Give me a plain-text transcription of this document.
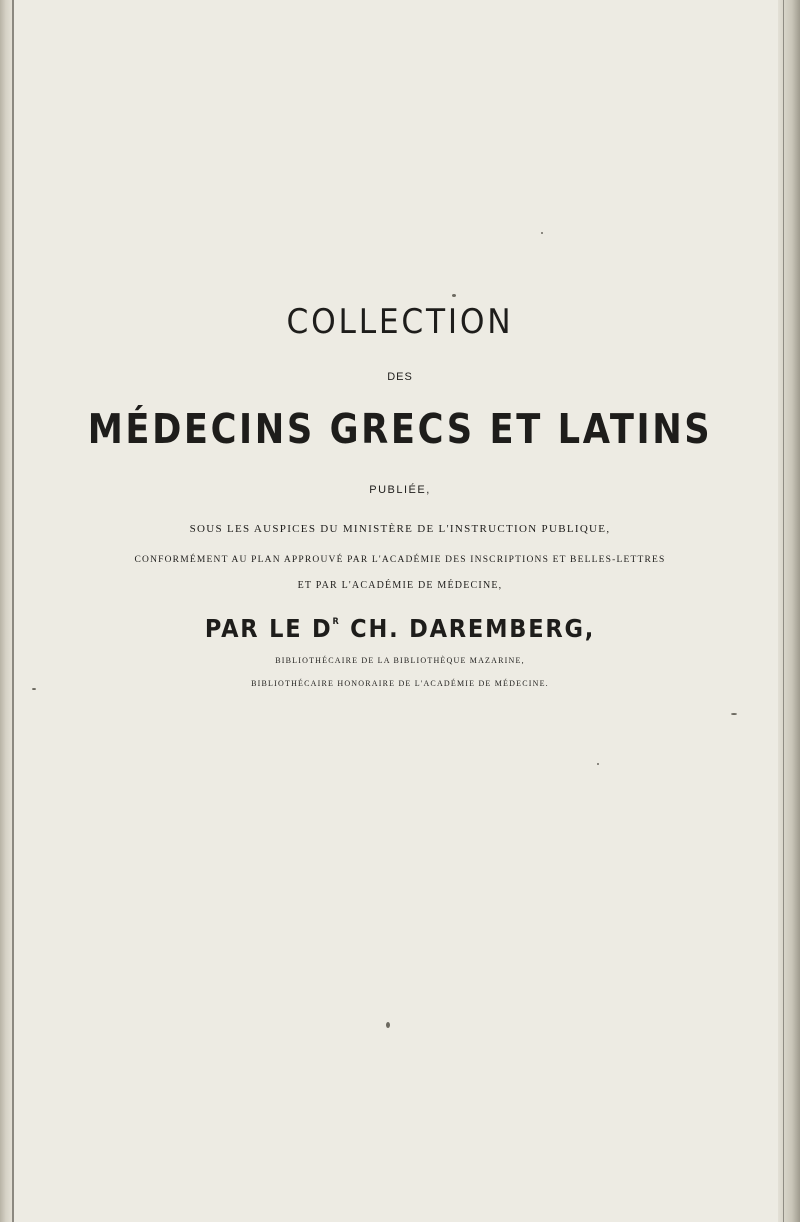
COLLECTION

DES

MÉDECINS GRECS ET LATINS

PUBLIÉE,

SOUS LES AUSPICES DU MINISTÈRE DE L'INSTRUCTION PUBLIQUE,

CONFORMÉMENT AU PLAN APPROUVÉ PAR L'ACADÉMIE DES INSCRIPTIONS ET BELLES-LETTRES

ET PAR L'ACADÉMIE DE MÉDECINE,

PAR LE $D^R$ CH. DAREMBERG,

BIBLIOTHÉCAIRE DE LA BIBLIOTHÈQUE MAZARINE,

BIBLIOTHÉCAIRE HONORAIRE DE L'ACADÉMIE DE MÉDECINE.
